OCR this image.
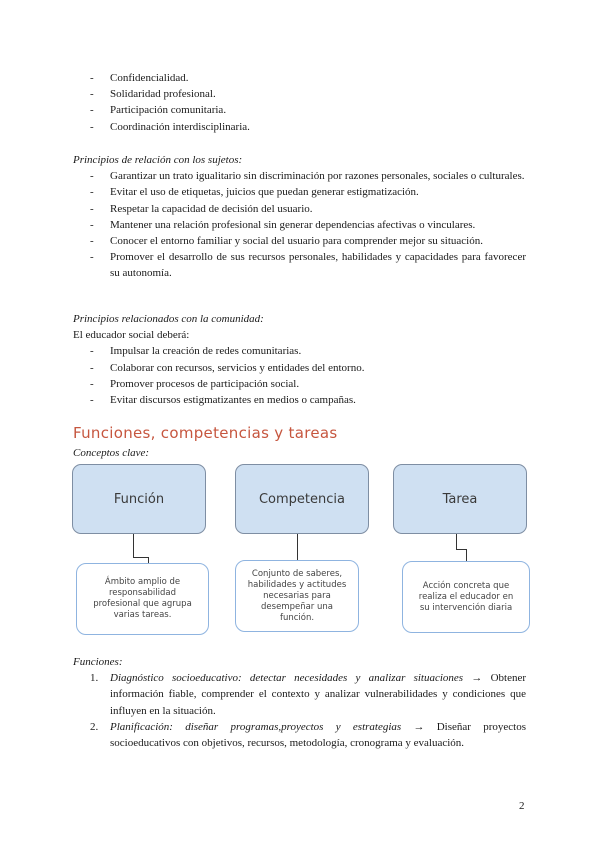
- Confidencialidad.
- Solidaridad profesional.
- Participación comunitaria.
- Coordinación interdisciplinaria.
Principios de relación con los sujetos:
- Garantizar un trato igualitario sin discriminación por razones personales, sociales o culturales.
- Evitar el uso de etiquetas, juicios que puedan generar estigmatización.
- Respetar la capacidad de decisión del usuario.
- Mantener una relación profesional sin generar dependencias afectivas o vinculares.
- Conocer el entorno familiar y social del usuario para comprender mejor su situación.
- Promover el desarrollo de sus recursos personales, habilidades y capacidades para favorecer su autonomía.
Principios relacionados con la comunidad:
El educador social deberá:
- Impulsar la creación de redes comunitarias.
- Colaborar con recursos, servicios y entidades del entorno.
- Promover procesos de participación social.
- Evitar discursos estigmatizantes en medios o campañas.
Funciones, competencias y tareas
Conceptos clave:
Función	Competencia	Tarea
Ámbito amplio de responsabilidad profesional que agrupa varias tareas.
Conjunto de saberes, habilidades y actitudes necesarias para desempeñar una función.
Acción concreta que realiza el educador en su intervención diaria
Funciones:
1. Diagnóstico socioeducativo: detectar necesidades y analizar situaciones → Obtener información fiable, comprender el contexto y analizar vulnerabilidades y condiciones que influyen en la situación.
2. Planificación: diseñar programas,proyectos y estrategias → Diseñar proyectos socioeducativos con objetivos, recursos, metodología, cronograma y evaluación.
2
